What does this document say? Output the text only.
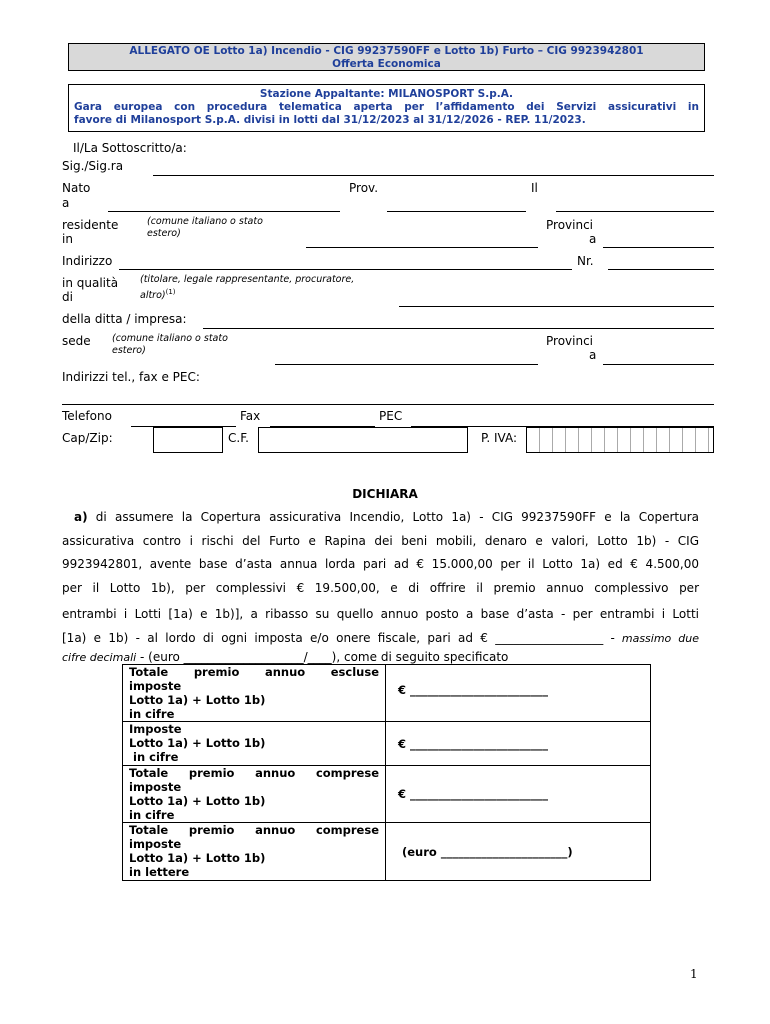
ALLEGATO OE Lotto 1a) Incendio - CIG 99237590FF e Lotto 1b) Furto – CIG 9923942801
Offerta Economica
Stazione Appaltante: MILANOSPORT S.p.A.
Gara europea con procedura telematica aperta per l’affidamento dei Servizi assicurativi in
favore di Milanosport S.p.A. divisi in lotti dal 31/12/2023 al 31/12/2026 - REP. 11/2023.
Il/La Sottoscritto/a:
Sig./Sig.ra
Nato
a
Prov.	Il
residente
in
(comune italiano o stato
estero)
Provinci
a
Indirizzo	Nr.
in qualità
di
(titolare, legale rappresentante, procuratore,
altro)$^{(1)}$
della ditta / impresa:
sede (comune italiano o stato
estero)
Provinci
a
Indirizzi tel., fax e PEC:
Telefono	Fax	PEC
Cap/Zip:	C.F.	P. IVA:
DICHIARA
a) di assumere la Copertura assicurativa Incendio, Lotto 1a) - CIG 99237590FF e la Copertura
assicurativa contro i rischi del Furto e Rapina dei beni mobili, denaro e valori, Lotto 1b) - CIG
9923942801, avente base d’asta annua lorda pari ad € 15.000,00 per il Lotto 1a) ed € 4.500,00
per il Lotto 1b), per complessivi € 19.500,00, e di offrire il premio annuo complessivo per
entrambi i Lotti [1a) e 1b)], a ribasso su quello annuo posto a base d’asta - per entrambi i Lotti
[1a) e 1b) - al lordo di ogni imposta e/o onere fiscale, pari ad € __________________ - massimo due
cifre decimali - (euro ____________________/____), come di seguito specificato
Totale premio annuo escluse
imposte
Lotto 1a) + Lotto 1b)
in cifre	€ ________________________

Imposte
Lotto 1a) + Lotto 1b)
in cifre	€ ________________________

Totale premio annuo comprese
imposte
Lotto 1a) + Lotto 1b)
in cifre	€ ________________________

Totale premio annuo comprese
imposte
Lotto 1a) + Lotto 1b)
in lettere	(euro ______________________)
1
